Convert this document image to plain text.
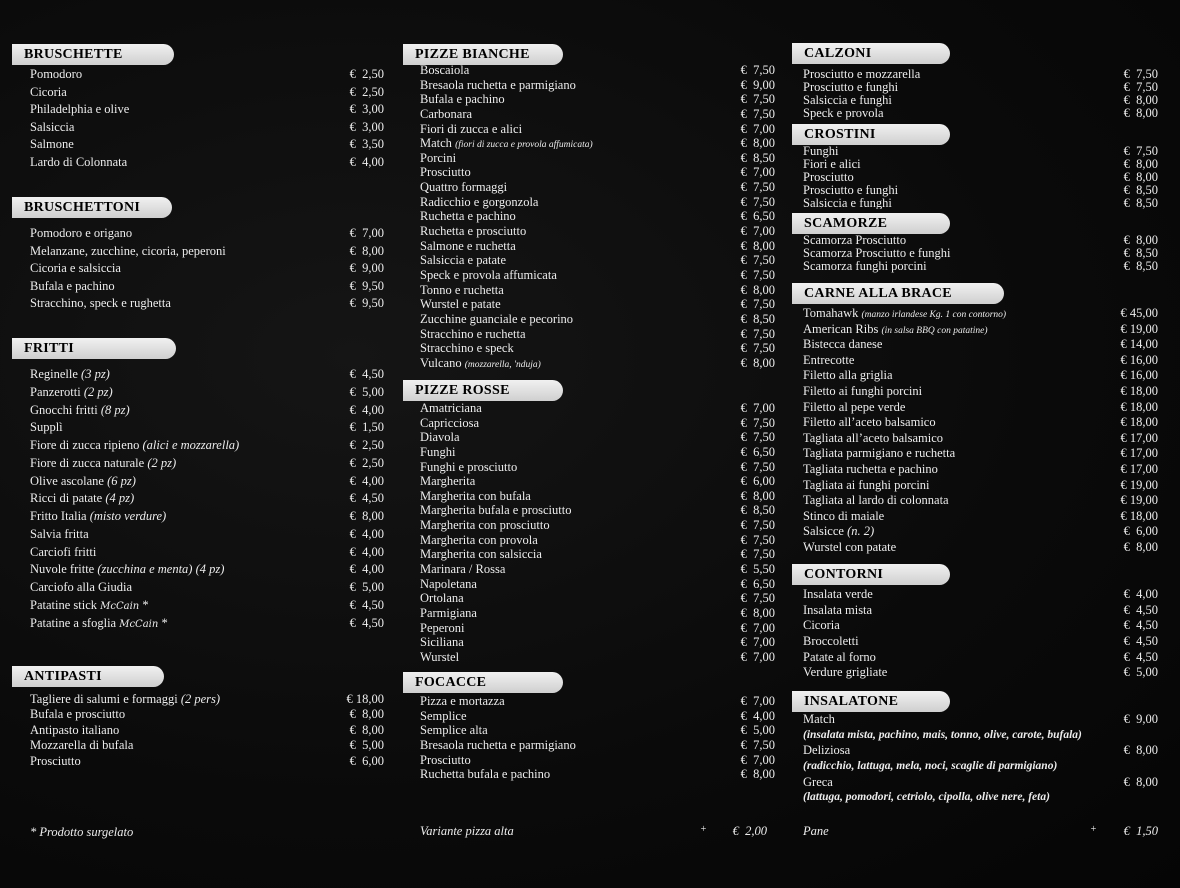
BRUSCHETTE
Pomodoro	€  2,50
Cicoria	€  2,50
Philadelphia e olive	€  3,00
Salsiccia	€  3,00
Salmone	€  3,50
Lardo di Colonnata	€  4,00
BRUSCHETTONI
Pomodoro e origano	€  7,00
Melanzane, zucchine, cicoria, peperoni	€  8,00
Cicoria e salsiccia	€  9,00
Bufala e pachino	€  9,50
Stracchino, speck e rughetta	€  9,50
FRITTI
Reginelle (3 pz)	€  4,50
Panzerotti (2 pz)	€  5,00
Gnocchi fritti (8 pz)	€  4,00
Supplì	€  1,50
Fiore di zucca ripieno (alici e mozzarella)	€  2,50
Fiore di zucca naturale (2 pz)	€  2,50
Olive ascolane (6 pz)	€  4,00
Ricci di patate (4 pz)	€  4,50
Fritto Italia (misto verdure)	€  8,00
Salvia fritta	€  4,00
Carciofi fritti	€  4,00
Nuvole fritte (zucchina e menta) (4 pz)	€  4,00
Carciofo alla Giudia	€  5,00
Patatine stick McCain *	€  4,50
Patatine a sfoglia McCain *	€  4,50
ANTIPASTI
Tagliere di salumi e formaggi (2 pers)	€ 18,00
Bufala e prosciutto	€  8,00
Antipasto italiano	€  8,00
Mozzarella di bufala	€  5,00
Prosciutto	€  6,00
* Prodotto surgelato
PIZZE BIANCHE
Boscaiola	€  7,50
Bresaola ruchetta e parmigiano	€  9,00
Bufala e pachino	€  7,50
Carbonara	€  7,50
Fiori di zucca e alici	€  7,00
Match (fiori di zucca e provola affumicata)	€  8,00
Porcini	€  8,50
Prosciutto	€  7,00
Quattro formaggi	€  7,50
Radicchio e gorgonzola	€  7,50
Ruchetta e pachino	€  6,50
Ruchetta e prosciutto	€  7,00
Salmone e ruchetta	€  8,00
Salsiccia e patate	€  7,50
Speck e provola affumicata	€  7,50
Tonno e ruchetta	€  8,00
Wurstel e patate	€  7,50
Zucchine guanciale e pecorino	€  8,50
Stracchino e ruchetta	€  7,50
Stracchino e speck	€  7,50
Vulcano (mozzarella, 'nduja)	€  8,00
PIZZE ROSSE
Amatriciana	€  7,00
Capricciosa	€  7,50
Diavola	€  7,50
Funghi	€  6,50
Funghi e prosciutto	€  7,50
Margherita	€  6,00
Margherita con bufala	€  8,00
Margherita bufala e prosciutto	€  8,50
Margherita con prosciutto	€  7,50
Margherita con provola	€  7,50
Margherita con salsiccia	€  7,50
Marinara / Rossa	€  5,50
Napoletana	€  6,50
Ortolana	€  7,50
Parmigiana	€  8,00
Peperoni	€  7,00
Siciliana	€  7,00
Wurstel	€  7,00
FOCACCE
Pizza e mortazza	€  7,00
Semplice	€  4,00
Semplice alta	€  5,00
Bresaola ruchetta e parmigiano	€  7,50
Prosciutto	€  7,00
Ruchetta bufala e pachino	€  8,00
Variante pizza alta	+ €  2,00
CALZONI
Prosciutto e mozzarella	€  7,50
Prosciutto e funghi	€  7,50
Salsiccia e funghi	€  8,00
Speck e provola	€  8,00
CROSTINI
Funghi	€  7,50
Fiori e alici	€  8,00
Prosciutto	€  8,00
Prosciutto e funghi	€  8,50
Salsiccia e funghi	€  8,50
SCAMORZE
Scamorza Prosciutto	€  8,00
Scamorza Prosciutto e funghi	€  8,50
Scamorza funghi porcini	€  8,50
CARNE ALLA BRACE
Tomahawk (manzo irlandese Kg. 1 con contorno)	€ 45,00
American Ribs (in salsa BBQ con patatine)	€ 19,00
Bistecca danese	€ 14,00
Entrecotte	€ 16,00
Filetto alla griglia	€ 16,00
Filetto ai funghi porcini	€ 18,00
Filetto al pepe verde	€ 18,00
Filetto all’aceto balsamico	€ 18,00
Tagliata all’aceto balsamico	€ 17,00
Tagliata parmigiano e ruchetta	€ 17,00
Tagliata ruchetta e pachino	€ 17,00
Tagliata ai funghi porcini	€ 19,00
Tagliata al lardo di colonnata	€ 19,00
Stinco di maiale	€ 18,00
Salsicce (n. 2)	€  6,00
Wurstel con patate	€  8,00
CONTORNI
Insalata verde	€  4,00
Insalata mista	€  4,50
Cicoria	€  4,50
Broccoletti	€  4,50
Patate al forno	€  4,50
Verdure grigliate	€  5,00
INSALATONE
Match	€  9,00
(insalata mista, pachino, mais, tonno, olive, carote, bufala)
Deliziosa	€  8,00
(radicchio, lattuga, mela, noci, scaglie di parmigiano)
Greca	€  8,00
(lattuga, pomodori, cetriolo, cipolla, olive nere, feta)
Pane	+ €  1,50
